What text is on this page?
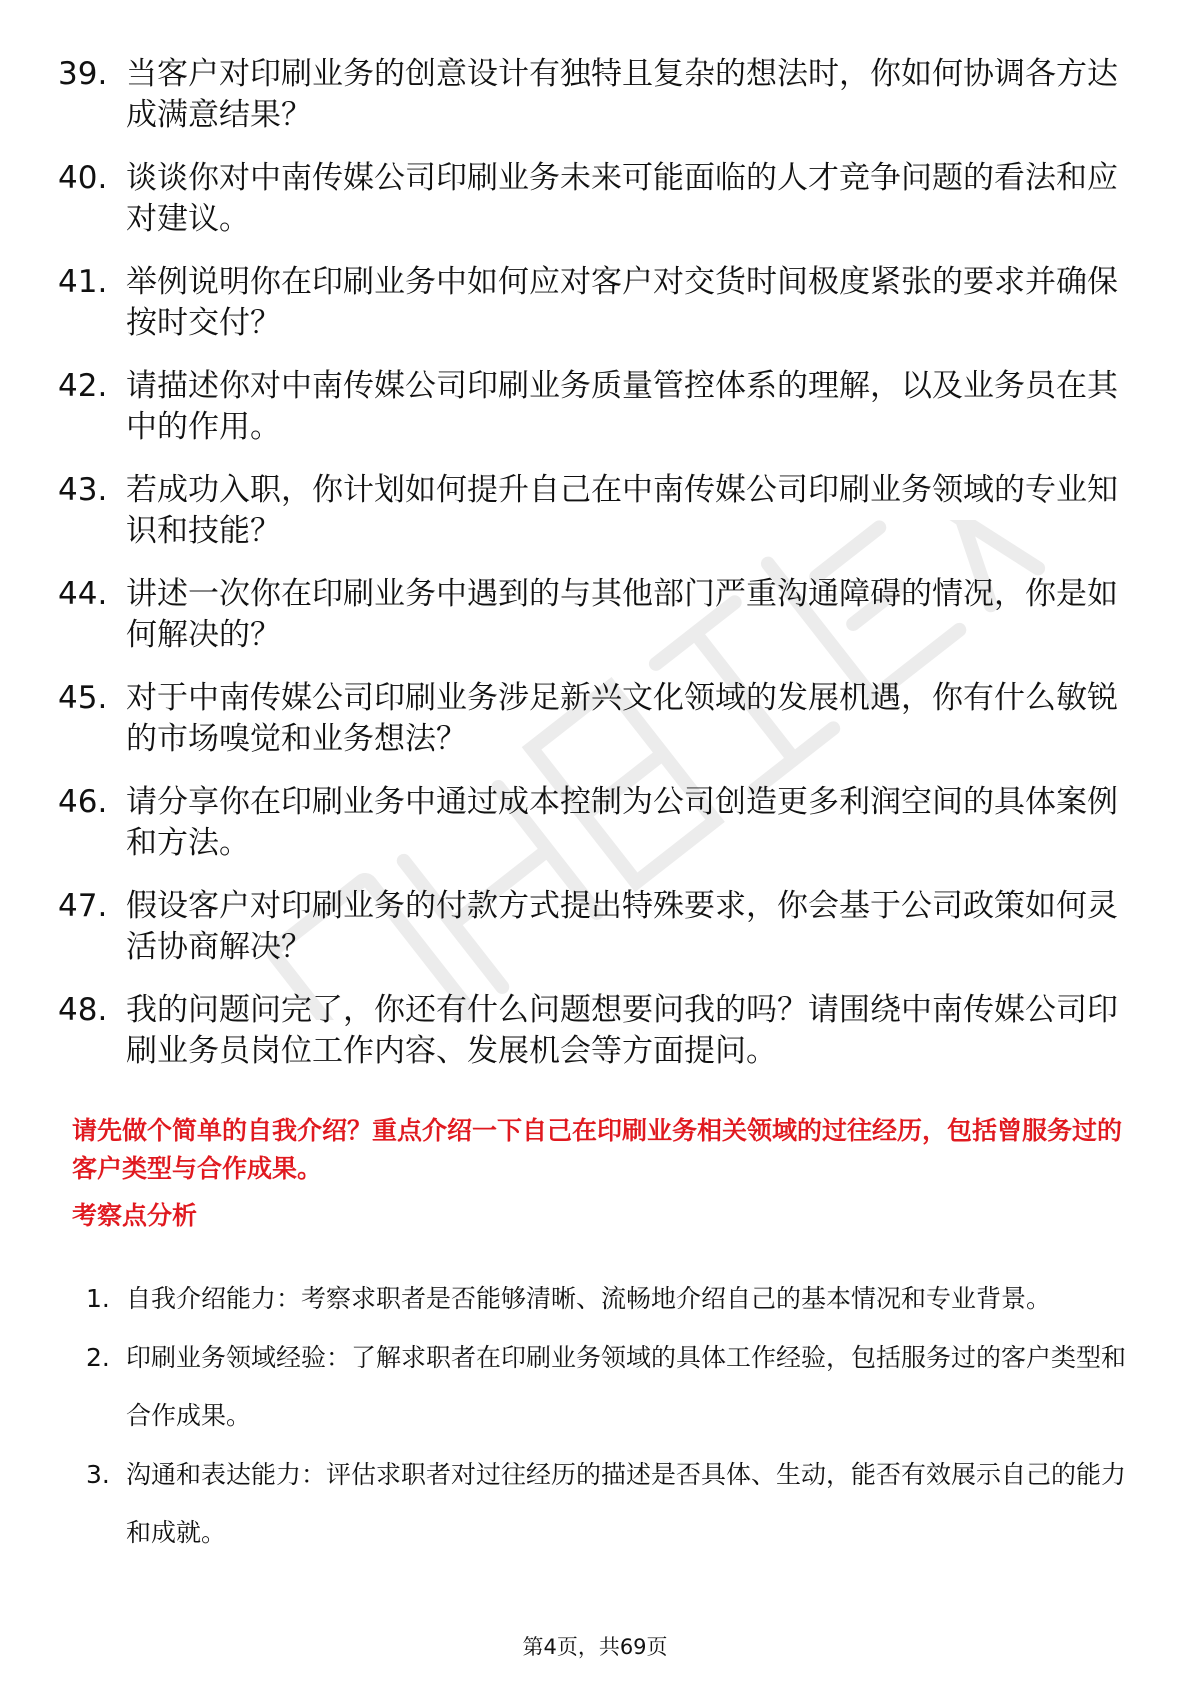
39. 当客户对印刷业务的创意设计有独特且复杂的想法时，你如何协调各方达成满意结果？
40. 谈谈你对中南传媒公司印刷业务未来可能面临的人才竞争问题的看法和应对建议。
41. 举例说明你在印刷业务中如何应对客户对交货时间极度紧张的要求并确保按时交付？
42. 请描述你对中南传媒公司印刷业务质量管控体系的理解，以及业务员在其中的作用。
43. 若成功入职，你计划如何提升自己在中南传媒公司印刷业务领域的专业知识和技能？
44. 讲述一次你在印刷业务中遇到的与其他部门严重沟通障碍的情况，你是如何解决的？
45. 对于中南传媒公司印刷业务涉足新兴文化领域的发展机遇，你有什么敏锐的市场嗅觉和业务想法？
46. 请分享你在印刷业务中通过成本控制为公司创造更多利润空间的具体案例和方法。
47. 假设客户对印刷业务的付款方式提出特殊要求，你会基于公司政策如何灵活协商解决？
48. 我的问题问完了，你还有什么问题想要问我的吗？请围绕中南传媒公司印刷业务员岗位工作内容、发展机会等方面提问。

请先做个简单的自我介绍？重点介绍一下自己在印刷业务相关领域的过往经历，包括曾服务过的客户类型与合作成果。

考察点分析

1. 自我介绍能力：考察求职者是否能够清晰、流畅地介绍自己的基本情况和专业背景。
2. 印刷业务领域经验：了解求职者在印刷业务领域的具体工作经验，包括服务过的客户类型和合作成果。
3. 沟通和表达能力：评估求职者对过往经历的描述是否具体、生动，能否有效展示自己的能力和成就。
第4页，共69页
